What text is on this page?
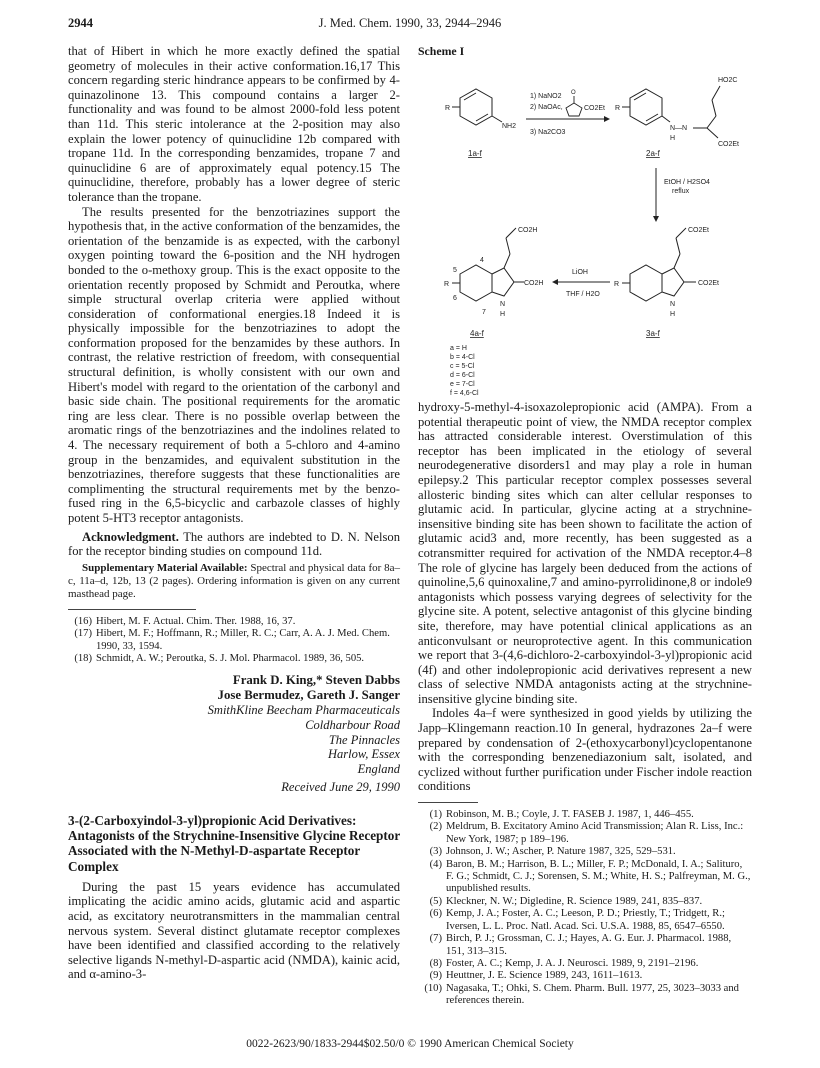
J. Med. Chem. 1990, 33, 2944–2946
2944

that of Hibert in which he more exactly defined the spatial geometry of molecules in their active conformation.16,17 This concern regarding steric hindrance appears to be confirmed by 4-quinazolinone 13. This compound contains a larger 2-functionality and was found to be almost 2000-fold less potent than 11d. This steric intolerance at the 2-position may also explain the lower potency of quinuclidine 12b compared with tropane 11d. In the corresponding benzamides, tropane 7 and quinuclidine 6 are of approximately equal potency.15 The quinuclidine, therefore, probably has a lower degree of steric tolerance than the tropane.

The results presented for the benzotriazines support the hypothesis that, in the active conformation of the benzamides, the orientation of the benzamide is as expected, with the carbonyl oxygen pointing toward the 6-position and the NH hydrogen bonded to the o-methoxy group. This is the exact opposite to the orientation recently proposed by Schmidt and Peroutka, where simple structural overlap criteria were applied without consideration of conformational energies.18 Indeed it is physically impossible for the benzotriazines to adopt the conformation proposed for the benzamides by these authors. In contrast, the relative restriction of freedom, with consequential structural definition, is wholly consistent with our own and Hibert's model with regard to the orientation of the carbonyl and basic side chain. The positional requirements for the aromatic ring are less clear. There is no possible overlap between the aromatic rings of the benzotriazines and the indolines related to 4. The necessary requirement of both a 5-chloro and 4-amino group in the benzamides, and equivalent substitution in the benzotriazines, therefore suggests that these functionalities are complimenting the structural requirements met by the benzo-fused ring in the 6,5-bicyclic and carbazole classes of highly potent 5-HT3 receptor antagonists.

Acknowledgment. The authors are indebted to D. N. Nelson for the receptor binding studies on compound 11d.

Supplementary Material Available: Spectral and physical data for 8a–c, 11a–d, 12b, 13 (2 pages). Ordering information is given on any current masthead page.

(16) Hibert, M. F. Actual. Chim. Ther. 1988, 16, 37.
(17) Hibert, M. F.; Hoffmann, R.; Miller, R. C.; Carr, A. A. J. Med. Chem. 1990, 33, 1594.
(18) Schmidt, A. W.; Peroutka, S. J. Mol. Pharmacol. 1989, 36, 505.
Frank D. King,* Steven Dabbs
Jose Bermudez, Gareth J. Sanger
SmithKline Beecham Pharmaceuticals
Coldharbour Road
The Pinnacles
Harlow, Essex
England
Received June 29, 1990
3-(2-Carboxyindol-3-yl)propionic Acid Derivatives: Antagonists of the Strychnine-Insensitive Glycine Receptor Associated with the N-Methyl-D-aspartate Receptor Complex

During the past 15 years evidence has accumulated implicating the acidic amino acids, glutamic acid and aspartic acid, as excitatory neurotransmitters in the mammalian central nervous system. Several distinct glutamate receptor complexes have been identified and classified according to the relatively selective ligands N-methyl-D-aspartic acid (NMDA), kainic acid, and α-amino-3-

Scheme I
R
NH2
1a-f
1) NaNO2
2) NaOAc,
O
CO2Et
3) Na2CO3
R
N—N
H
CO2Et
HO2C
2a-f
EtOH / H2SO4
reflux
R
CO2Et
CO2Et
N
H
3a-f
LiOH
THF / H2O
R
CO2H
CO2H
4
5
6
7
N
H
4a-f
a = H
b = 4-Cl
c = 5-Cl
d = 6-Cl
e = 7-Cl
f = 4,6-Cl

hydroxy-5-methyl-4-isoxazolepropionic acid (AMPA). From a potential therapeutic point of view, the NMDA receptor complex has attracted considerable interest. Overstimulation of this receptor has been implicated in the etiology of several neurodegenerative disorders1 and may play a role in human epilepsy.2 This particular receptor complex possesses several allosteric binding sites which can alter cellular responses to glutamic acid. In particular, glycine acting at a strychnine-insensitive binding site has been shown to facilitate the action of glutamic acid3 and, more recently, has been suggested as a cotransmitter required for activation of the NMDA receptor.4–8 The role of glycine has largely been deduced from the actions of quinoline,5,6 quinoxaline,7 and amino-pyrrolidinone,8 or indole9 antagonists which possess varying degrees of selectivity for the glycine site. A potent, selective antagonist of this glycine binding site, therefore, may have potential clinical applications as an anticonvulsant or neuroprotective agent. In this communication we report that 3-(4,6-dichloro-2-carboxyindol-3-yl)propionic acid (4f) and other indolepropionic acid derivatives represent a new class of selective NMDA antagonists acting at the strychnine-insensitive glycine binding site.

Indoles 4a–f were synthesized in good yields by utilizing the Japp–Klingemann reaction.10 In general, hydrazones 2a–f were prepared by condensation of 2-(ethoxycarbonyl)cyclopentanone with the corresponding benzenediazonium salt, isolated, and cyclized without further purification under Fischer indole reaction conditions

(1) Robinson, M. B.; Coyle, J. T. FASEB J. 1987, 1, 446–455.
(2) Meldrum, B. Excitatory Amino Acid Transmission; Alan R. Liss, Inc.: New York, 1987; p 189–196.
(3) Johnson, J. W.; Ascher, P. Nature 1987, 325, 529–531.
(4) Baron, B. M.; Harrison, B. L.; Miller, F. P.; McDonald, I. A.; Salituro, F. G.; Schmidt, C. J.; Sorensen, S. M.; White, H. S.; Palfreyman, M. G., unpublished results.
(5) Kleckner, N. W.; Digledine, R. Science 1989, 241, 835–837.
(6) Kemp, J. A.; Foster, A. C.; Leeson, P. D.; Priestly, T.; Tridgett, R.; Iversen, L. L. Proc. Natl. Acad. Sci. U.S.A. 1988, 85, 6547–6550.
(7) Birch, P. J.; Grossman, C. J.; Hayes, A. G. Eur. J. Pharmacol. 1988, 151, 313–315.
(8) Foster, A. C.; Kemp, J. A. J. Neurosci. 1989, 9, 2191–2196.
(9) Heuttner, J. E. Science 1989, 243, 1611–1613.
(10) Nagasaka, T.; Ohki, S. Chem. Pharm. Bull. 1977, 25, 3023–3033 and references therein.
0022-2623/90/1833-2944$02.50/0 © 1990 American Chemical Society
